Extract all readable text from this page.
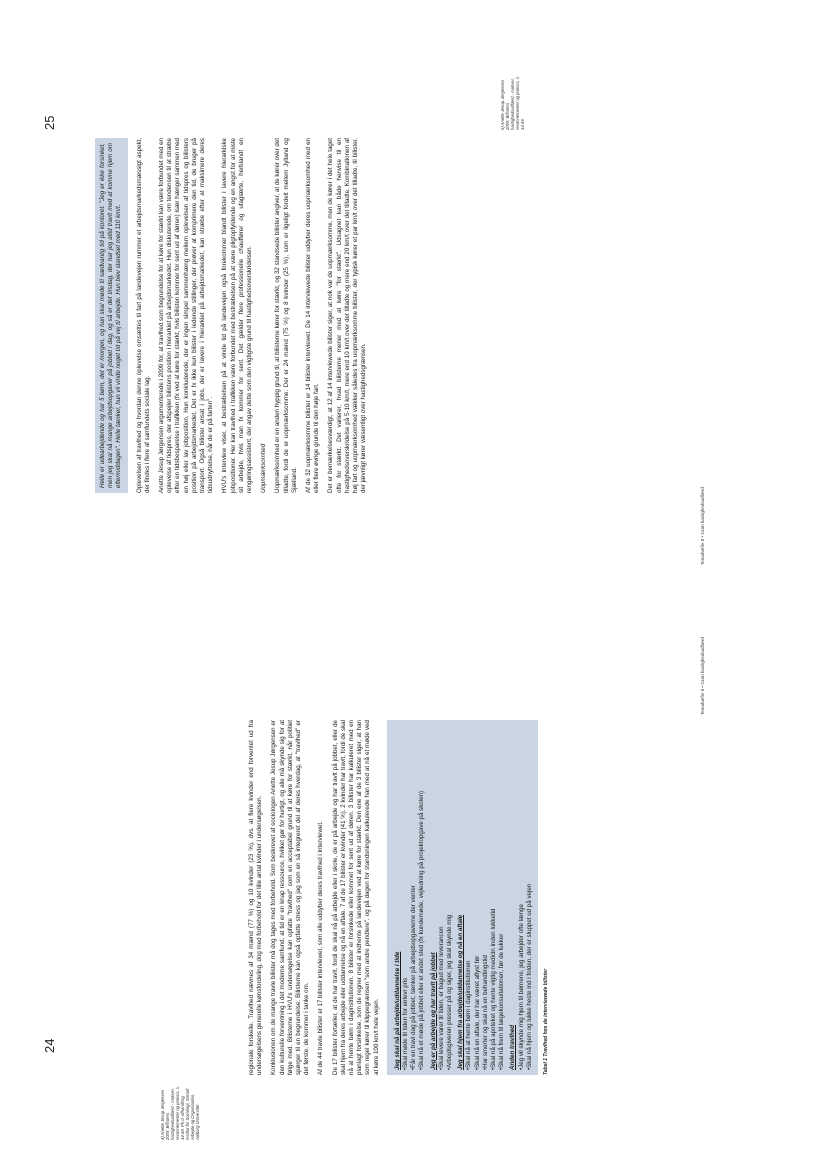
24
4) Anette Jesup Jørgensen 2009: Billisters hastighedsadfærd - motiver, resonnementer og praksis, s. 44-49. Ph.d.-afhandling, Institut for Sociologi, Socialt Arbejde og Organisation, Aalborg Universitet

regionale forskelle. Travlhed nævnes af 34 mænd (77 %) og 10 kvinder (23 %), dvs. at flere kvinder end forventet ud fra undersøgelsens generelle kønsfordeling, dog med forbehold for det lille antal kvinder i undersøgelsen. Konklusionen om de mange travle bilister må dog tages med forbehold. Som beskrevet af sociologen Anette Jesup Jørgensen er den kulturelle forventning i det moderne samfund, at tid er en knap ressource, hvilket gør for hurtigt, og alle må skynde sig for at følge med. Bilisterne i HVU's undersøgelse kan opfatte "travlhed" som en acceptabel grund til at køre for stærkt, når politiet spørger til en begrundelse. Bilisterne kan også opfatte stress og jag som en så integreret del af deres hverdag, at "travlhed" er det første, de kommer i tanke om. Af de 44 travle bilister er 17 bilister interviewet, som alle uddyber deres travlhed i interviewet. De 17 bilister fortæller, at de har travlt, fordi de skal nå på arbejde eller i skole, de er på arbejde og har travlt på jobbet, eller de skal hjem fra deres arbejde eller uddannelse og nå en aftale. 7 af de 17 bilister er kvinder (41 %). 2 kvinder har travlt, fordi de skal nå at hente børn i daginstitutionen. 8 bilister er forsinkede eller kommet for sent ud af døren. 3 bilister har kalkuleret med en planlagt forsinkelse, som de regner med at indhente på landevejen ved at køre for stærkt. Den ene af de 3 bilister siger, at han som regel kører til klippegrænsen "som andre pendlere", og på dagen for standsningen kalkulerede han med at nå et møde ved at køre 100 km/t hele vejen. Jeg skal nå på arbejde/uddannelse i tide • Skal møde til tiden for eirlevr pris • Får en travl dag på jobbet, tænker på arbejdsopgaverne der venter • Skal nå et møde på jobbet eller et andet sted (fx kundemøde, vejledning på projektopgave på skolen) Jeg er på arbejde og har travlt på jobbet • Skal levere varer til tiden, er bagud med leverancen • Arbejdsgiveren presser på og siger, jeg skal skynde mig Jeg skal hjem fra arbejde/uddannelse og nå en aftale • Skal nå at hente børn i daginstitutionen • Skal nå en aftale, der har været aflyst før • Har smerter og skal nå en behandlingstid • Skal nå på apoteket og hente vigtig medicin inden lukketid • Skal nå frem til lægekonsultationen, før de lukker Anden travlhed • Jeg vil skynde mig hjem til børnene, jeg arbejder ofte længe • Skal nå hjem og lukke heste ind i folden, der er sluppet ud på vejen Tabel 1 Travlhed hos de interviewede bilister
Temahæfte 8 • Grøn hastighedsadfærd
25	5) Anette Jesup Jørgensen 2009: Billisters hastighedsadfærd - motiver, resonnementer og praksis, s. 44-49.
Helle er udearbejdende og har 5 børn, det er morgen, og hun skal møde til sædvanlig tid på kontoret. "Jeg er ikke forsinket, men jeg skal nå mange arbejdsopgaver på jobbet i dag, og så er det tirsdag, der har jeg altid travlt med at komme hjem om eftermiddagen". Helle tænker, hun vil vinde noget tid på vej til arbejde. Hun blev standset med 110 km/t.	Oplevelsen af travlhed og hvordan denne oplevelse omsættes til fart på landevejen rummer et arbejdsmarkedsmæssigt aspekt, der findes i flere af samfundets sociale lag. Anette Jesup Jørgensen argumenterede i 2009 for, at travlhed som begrundelse for at køre for stærkt kan være forbundet med en oplevelse af tidspres, der afspejler bilistens position i hierarkiet på arbejdsmarkedet. Hun diskuterede, om tendensen til at stræbe efter en tidsbesparelse i trafikken (fx ved at køre for stærkt, hvis bilisten kommer for sent ud af døren) især hænger sammen med en høj eller lav jobposition. Hun konkluderede, der er ingen simpel sammenhæng mellem oplevelsen af tidspres og bilisters position på arbejdsmarkedet. Det er fx ikke kun bilister i ledende stillinger, der prøver at komprimere den tid, de bruger på transport. Også bilister ansat i jobs, der er lavere i hierarkiet på arbejdsmarkedet, kan stræbe efter at maksimere deres tidsudnyttelse, når de er på farten$^5$. HVU's interview viser, at bestræbelsen på at vinde tid på landevejen også forekommer blandt bilister i lavere hierarkiske jobpositioner. Her kan travlhed i trafikken være forbundet med bestræbelsen på at være pligtopfyldende og en angst for at miste sit arbejde, hvis man fx kommer for sent. Det gælder flere professionelle chauffører og ufaglærte, herblandt en rengøringsassistent, der angav dette som den vigtigste grund til hastighedsoverskridelsen. Uopmærksomhed Uopmærksomhed er en anden hyppig grund til, at bilisterne kører for stærkt, og 32 standsede bilister angiver, at de kører over det tilladte, fordi de er uopmærksomme. Der er 24 mænd (75 %) og 8 kvinder (25 %), som er ligeligt fordelt mellem Jylland og Sjælland. Af de 32 uopmærksomme bilister er 14 bilister interviewet. De 14 interviewede bilister uddyber deres uopmærksomhed med en eller flere øvrige grunde til den høje fart. Det er bemærkelsesværdigt, at 12 af 14 interviewede bilister siger, at nok var de uopmærksomme, men de kører i det hele taget ofte for stærkt. Det varierer, hvad bilisterne mener med at køre "for stærkt". Udsagnet kan både henvise til en hastighedsoverskridelse på 5-10 km/t, mere end 10 km/t over det tilladte og mere end 20 km/t over det tilladte. Kombinationen af høj fart og uopmærksomhed vækker således fra uopmærksomme bilister, der typisk kører et par km/t over det tilladte, til bilister, der jævnligt kører væsentligt over hastighedsgrænsen.

Temahæfte 8 • Grøn hastighedsadfærd
